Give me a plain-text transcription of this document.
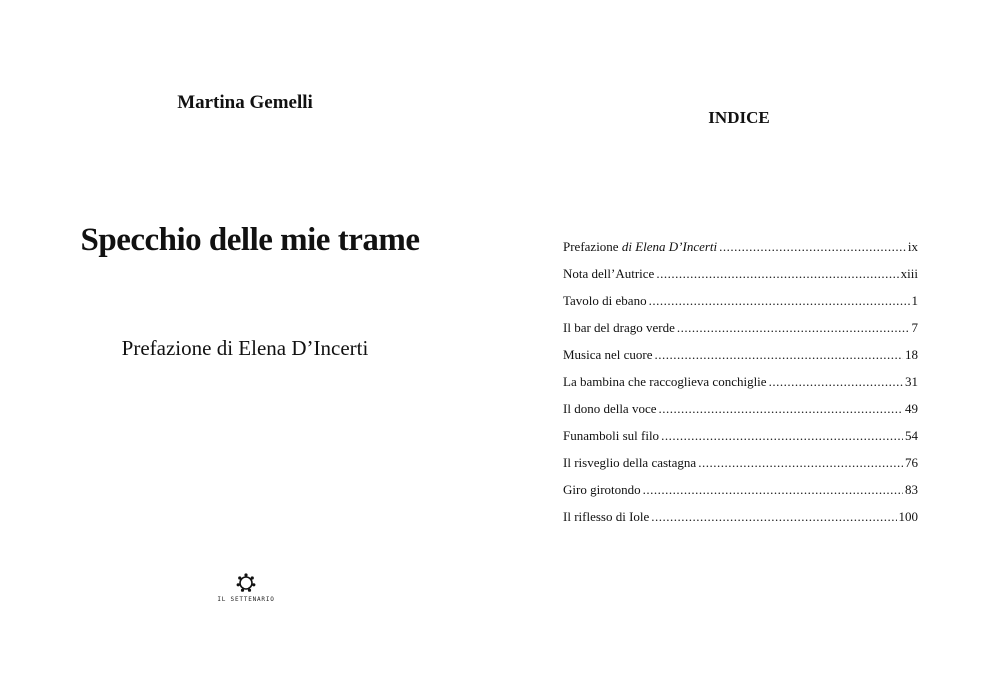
Martina Gemelli
Specchio delle mie trame
Prefazione di Elena D’Incerti
IL SETTENARIO
INDICE
Prefazione di Elena D’Incerti .....	ix
Nota dell’Autrice .....	xiii
Tavolo di ebano .....	1
Il bar del drago verde .....	7
Musica nel cuore .....	18
La bambina che raccoglieva conchiglie .....	31
Il dono della voce .....	49
Funamboli sul filo .....	54
Il risveglio della castagna .....	76
Giro girotondo .....	83
Il riflesso di Iole .....	100
